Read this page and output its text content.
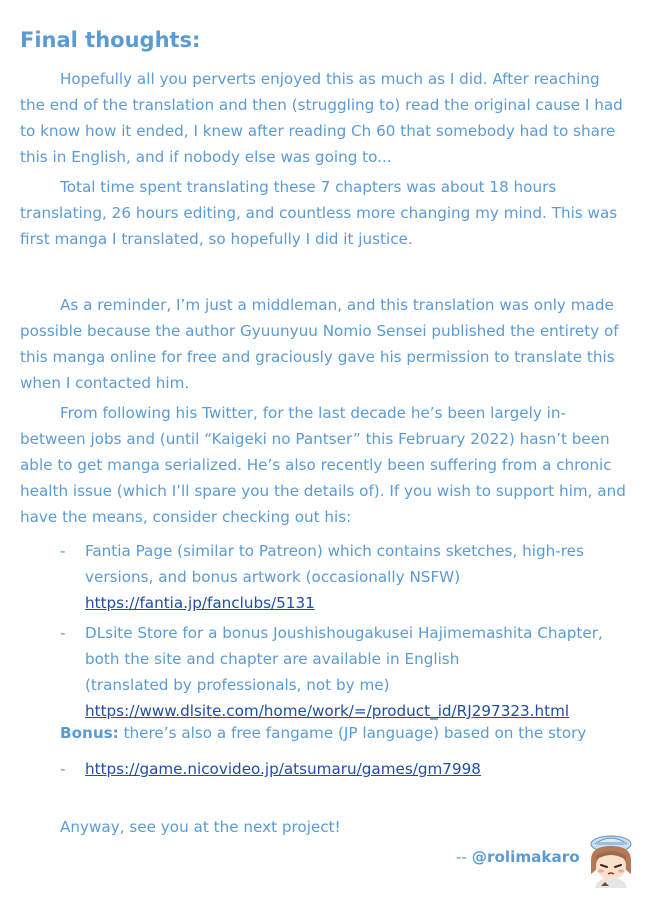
Final thoughts:
Hopefully all you perverts enjoyed this as much as I did. After reaching the end of the translation and then (struggling to) read the original cause I had to know how it ended, I knew after reading Ch 60 that somebody had to share this in English, and if nobody else was going to...
Total time spent translating these 7 chapters was about 18 hours translating, 26 hours editing, and countless more changing my mind. This was first manga I translated, so hopefully I did it justice.
As a reminder, I’m just a middleman, and this translation was only made possible because the author Gyuunyuu Nomio Sensei published the entirety of this manga online for free and graciously gave his permission to translate this when I contacted him.
From following his Twitter, for the last decade he’s been largely in-between jobs and (until “Kaigeki no Pantser” this February 2022) hasn’t been able to get manga serialized. He’s also recently been suffering from a chronic health issue (which I’ll spare you the details of). If you wish to support him, and have the means, consider checking out his:
- Fantia Page (similar to Patreon) which contains sketches, high-res versions, and bonus artwork (occasionally NSFW)
https://fantia.jp/fanclubs/5131
- DLsite Store for a bonus Joushishougakusei Hajimemashita Chapter, both the site and chapter are available in English
(translated by professionals, not by me)
https://www.dlsite.com/home/work/=/product_id/RJ297323.html
Bonus: there’s also a free fangame (JP language) based on the story
- https://game.nicovideo.jp/atsumaru/games/gm7998
Anyway, see you at the next project!
-- @rolimakaro
